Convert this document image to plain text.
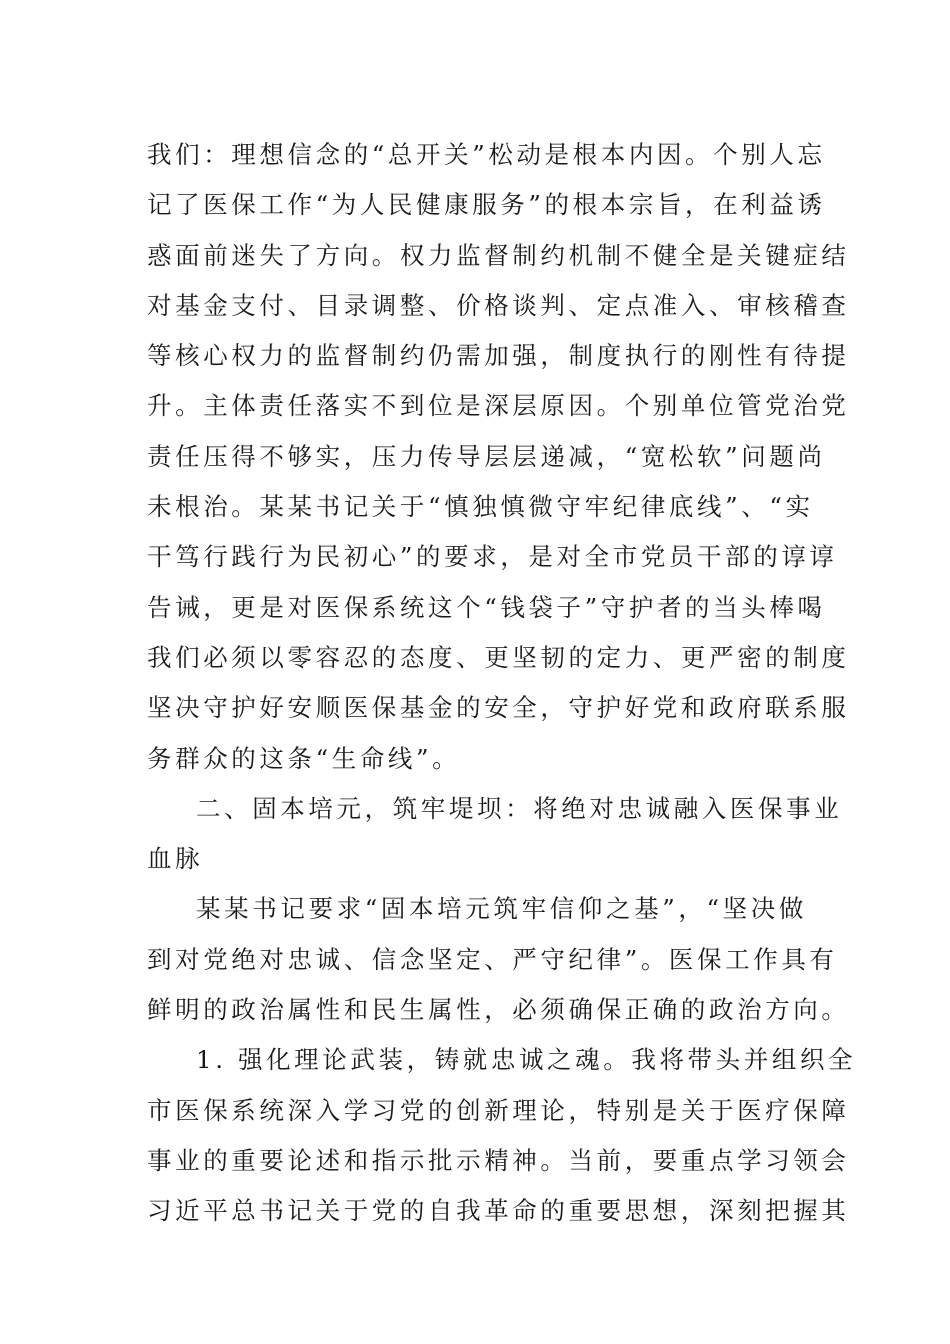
我们：理想信念的“总开关”松动是根本内因。个别人忘
记了医保工作“为人民健康服务”的根本宗旨，在利益诱
惑面前迷失了方向。权力监督制约机制不健全是关键症结
对基金支付、目录调整、价格谈判、定点准入、审核稽查
等核心权力的监督制约仍需加强，制度执行的刚性有待提
升。主体责任落实不到位是深层原因。个别单位管党治党
责任压得不够实，压力传导层层递减，“宽松软”问题尚
未根治。某某书记关于“慎独慎微守牢纪律底线”、“实
干笃行践行为民初心”的要求，是对全市党员干部的谆谆
告诫，更是对医保系统这个“钱袋子”守护者的当头棒喝
我们必须以零容忍的态度、更坚韧的定力、更严密的制度
坚决守护好安顺医保基金的安全，守护好党和政府联系服
务群众的这条“生命线”。
二、固本培元，筑牢堤坝：将绝对忠诚融入医保事业
血脉
某某书记要求“固本培元筑牢信仰之基”，“坚决做
到对党绝对忠诚、信念坚定、严守纪律”。医保工作具有
鲜明的政治属性和民生属性，必须确保正确的政治方向。
1. 强化理论武装，铸就忠诚之魂。我将带头并组织全
市医保系统深入学习党的创新理论，特别是关于医疗保障
事业的重要论述和指示批示精神。当前，要重点学习领会
习近平总书记关于党的自我革命的重要思想，深刻把握其
